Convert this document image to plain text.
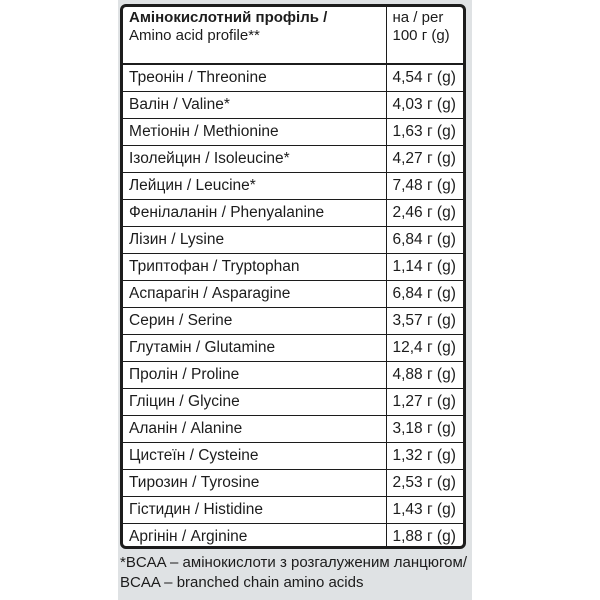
Амінокислотний профіль /
Amino acid profile**	на / per
100 г (g)

Треонін / Threonine	4,54 г (g)
Валін / Valine*	4,03 г (g)
Метіонін / Methionine	1,63 г (g)
Ізолейцин / Isoleucine*	4,27 г (g)
Лейцин / Leucine*	7,48 г (g)
Фенілаланін / Phenyalanine	2,46 г (g)
Лізин / Lysine	6,84 г (g)
Триптофан / Tryptophan	1,14 г (g)
Аспарагін / Asparagine	6,84 г (g)
Серин / Serine	3,57 г (g)
Глутамін / Glutamine	12,4 г (g)
Пролін / Proline	4,88 г (g)
Гліцин / Glycine	1,27 г (g)
Аланін / Alanine	3,18 г (g)
Цистеїн / Cysteine	1,32 г (g)
Тирозин / Tyrosine	2,53 г (g)
Гістидин / Histidine	1,43 г (g)
Аргінін / Arginine	1,88 г (g)
*BCAA – амінокислоти з розгалуженим ланцюгом/
BCAA – branched chain amino acids
